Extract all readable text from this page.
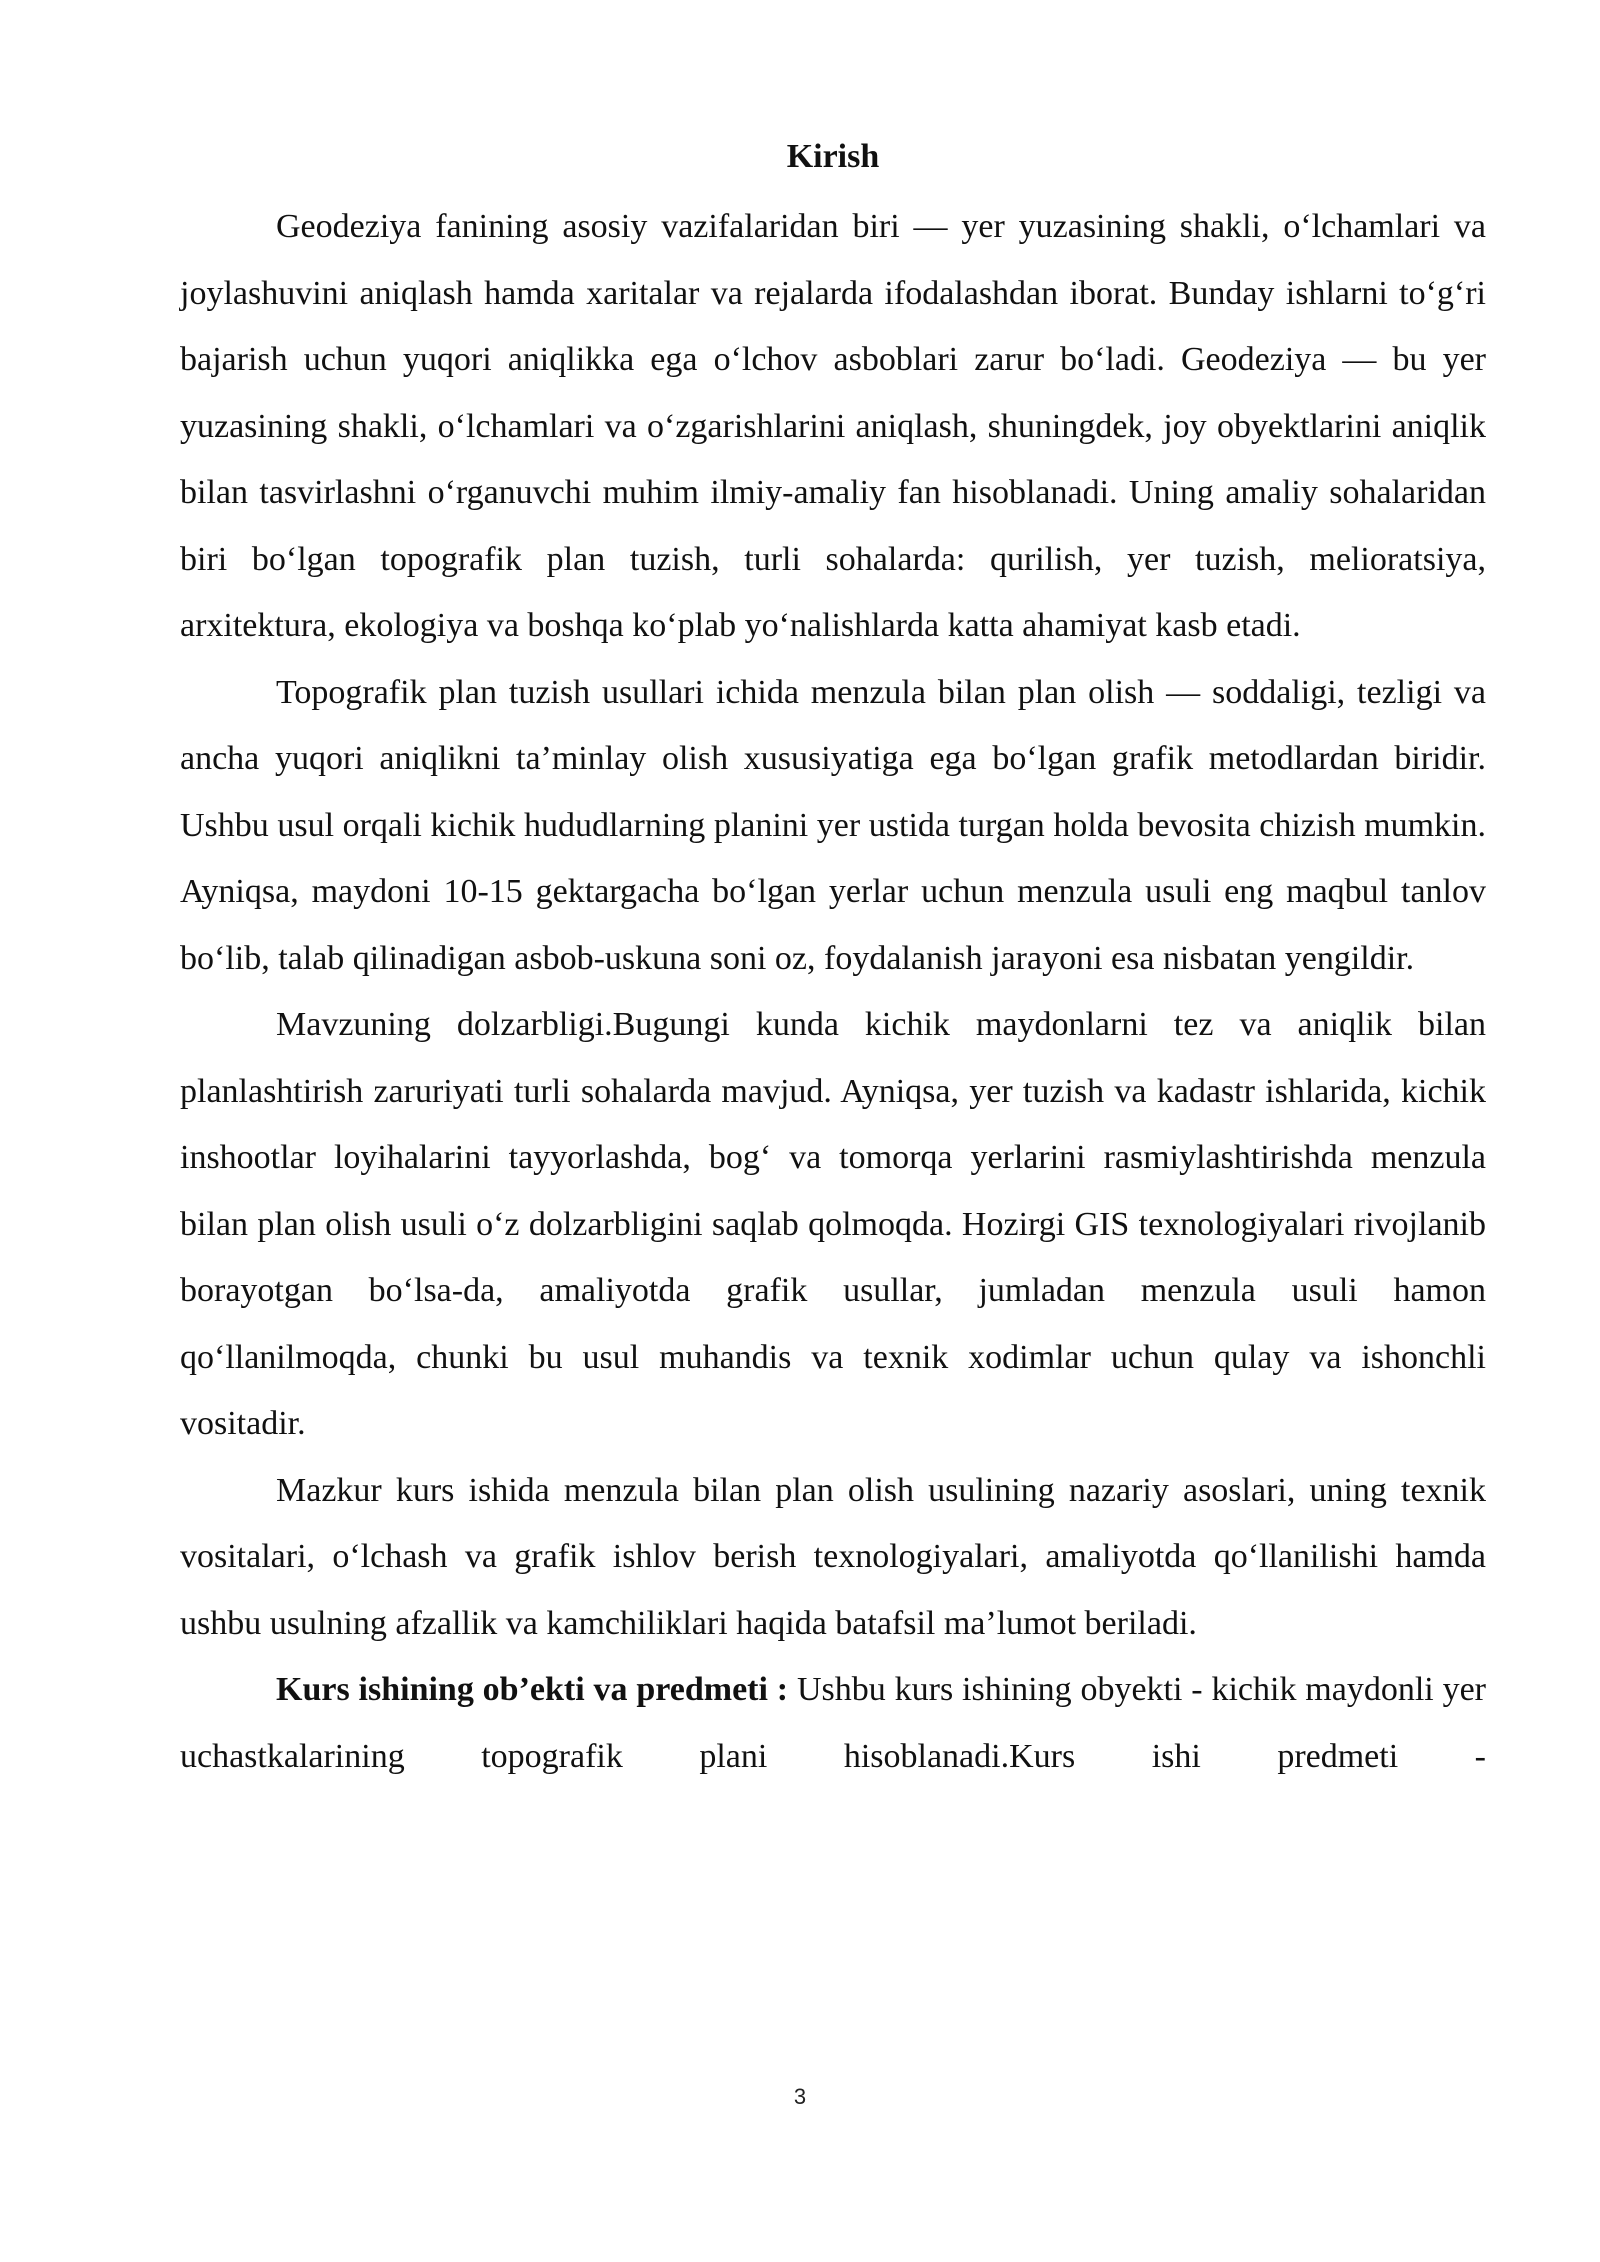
Kirish

Geodeziya fanining asosiy vazifalaridan biri — yer yuzasining shakli, o‘lchamlari va joylashuvini aniqlash hamda xaritalar va rejalarda ifodalashdan iborat. Bunday ishlarni to‘g‘ri bajarish uchun yuqori aniqlikka ega o‘lchov asboblari zarur bo‘ladi. Geodeziya — bu yer yuzasining shakli, o‘lchamlari va o‘zgarishlarini aniqlash, shuningdek, joy obyektlarini aniqlik bilan tasvirlashni o‘rganuvchi muhim ilmiy-amaliy fan hisoblanadi. Uning amaliy sohalaridan biri bo‘lgan topografik plan tuzish, turli sohalarda: qurilish, yer tuzish, melioratsiya, arxitektura, ekologiya va boshqa ko‘plab yo‘nalishlarda katta ahamiyat kasb etadi.

Topografik plan tuzish usullari ichida menzula bilan plan olish — soddaligi, tezligi va ancha yuqori aniqlikni ta’minlay olish xususiyatiga ega bo‘lgan grafik metodlardan biridir. Ushbu usul orqali kichik hududlarning planini yer ustida turgan holda bevosita chizish mumkin. Ayniqsa, maydoni 10-15 gektargacha bo‘lgan yerlar uchun menzula usuli eng maqbul tanlov bo‘lib, talab qilinadigan asbob-uskuna soni oz, foydalanish jarayoni esa nisbatan yengildir.

Mavzuning dolzarbligi.Bugungi kunda kichik maydonlarni tez va aniqlik bilan planlashtirish zaruriyati turli sohalarda mavjud. Ayniqsa, yer tuzish va kadastr ishlarida, kichik inshootlar loyihalarini tayyorlashda, bog‘ va tomorqa yerlarini rasmiylashtirishda menzula bilan plan olish usuli o‘z dolzarbligini saqlab qolmoqda. Hozirgi GIS texnologiyalari rivojlanib borayotgan bo‘lsa-da, amaliyotda grafik usullar, jumladan menzula usuli hamon qo‘llanilmoqda, chunki bu usul muhandis va texnik xodimlar uchun qulay va ishonchli vositadir.

Mazkur kurs ishida menzula bilan plan olish usulining nazariy asoslari, uning texnik vositalari, o‘lchash va grafik ishlov berish texnologiyalari, amaliyotda qo‘llanilishi hamda ushbu usulning afzallik va kamchiliklari haqida batafsil ma’lumot beriladi.

Kurs ishining ob’ekti va predmeti : Ushbu kurs ishining obyekti - kichik maydonli yer uchastkalarining topografik plani hisoblanadi.Kurs ishi predmeti -

3
